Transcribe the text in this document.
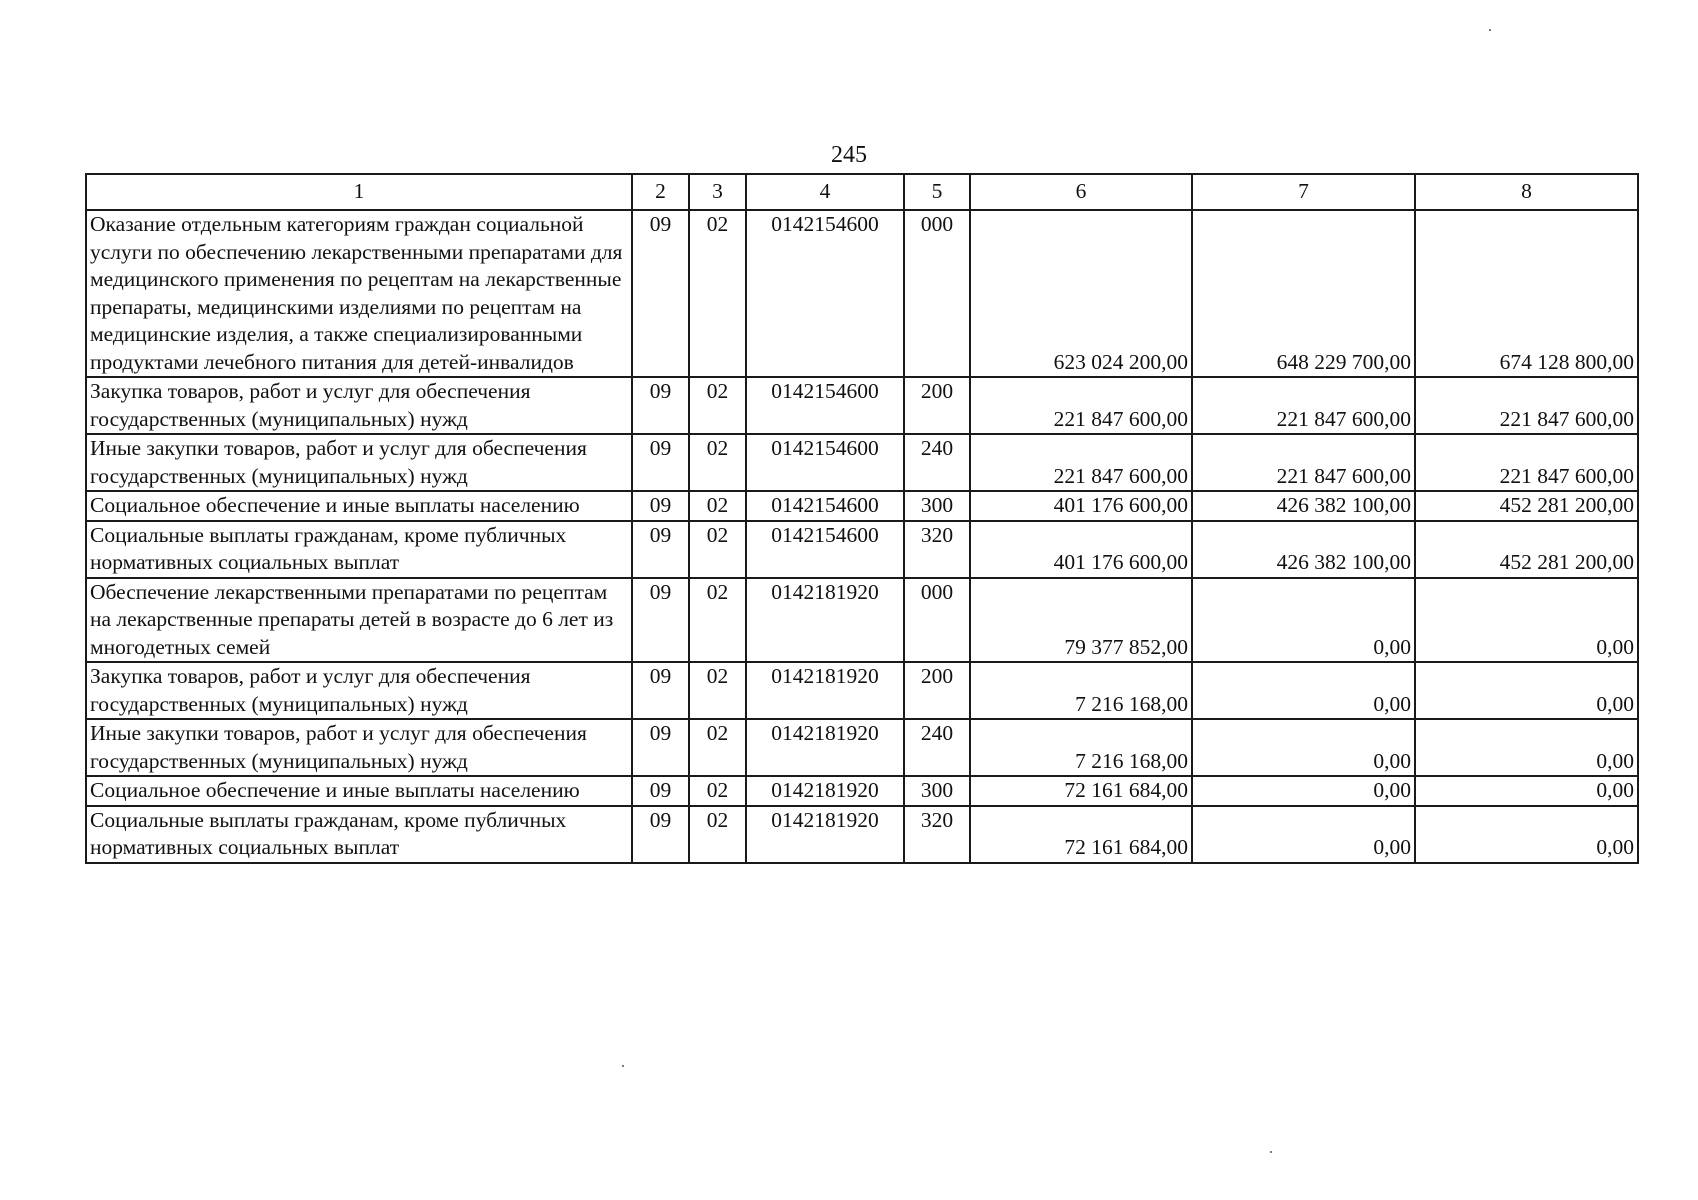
245
1	2	3	4	5	6	7	8
Оказание отдельным категориям граждан социальной услуги по обеспечению лекарственными препаратами для медицинского применения по рецептам на лекарственные препараты, медицинскими изделиями по рецептам на медицинские изделия, а также специализированными продуктами лечебного питания для детей-инвалидов	09	02	0142154600	000	623 024 200,00	648 229 700,00	674 128 800,00
Закупка товаров, работ и услуг для обеспечения государственных (муниципальных) нужд	09	02	0142154600	200	221 847 600,00	221 847 600,00	221 847 600,00
Иные закупки товаров, работ и услуг для обеспечения государственных (муниципальных) нужд	09	02	0142154600	240	221 847 600,00	221 847 600,00	221 847 600,00
Социальное обеспечение и иные выплаты населению	09	02	0142154600	300	401 176 600,00	426 382 100,00	452 281 200,00
Социальные выплаты гражданам, кроме публичных нормативных социальных выплат	09	02	0142154600	320	401 176 600,00	426 382 100,00	452 281 200,00
Обеспечение лекарственными препаратами по рецептам на лекарственные препараты детей в возрасте до 6 лет из многодетных семей	09	02	0142181920	000	79 377 852,00	0,00	0,00
Закупка товаров, работ и услуг для обеспечения государственных (муниципальных) нужд	09	02	0142181920	200	7 216 168,00	0,00	0,00
Иные закупки товаров, работ и услуг для обеспечения государственных (муниципальных) нужд	09	02	0142181920	240	7 216 168,00	0,00	0,00
Социальное обеспечение и иные выплаты населению	09	02	0142181920	300	72 161 684,00	0,00	0,00
Социальные выплаты гражданам, кроме публичных нормативных социальных выплат	09	02	0142181920	320	72 161 684,00	0,00	0,00
